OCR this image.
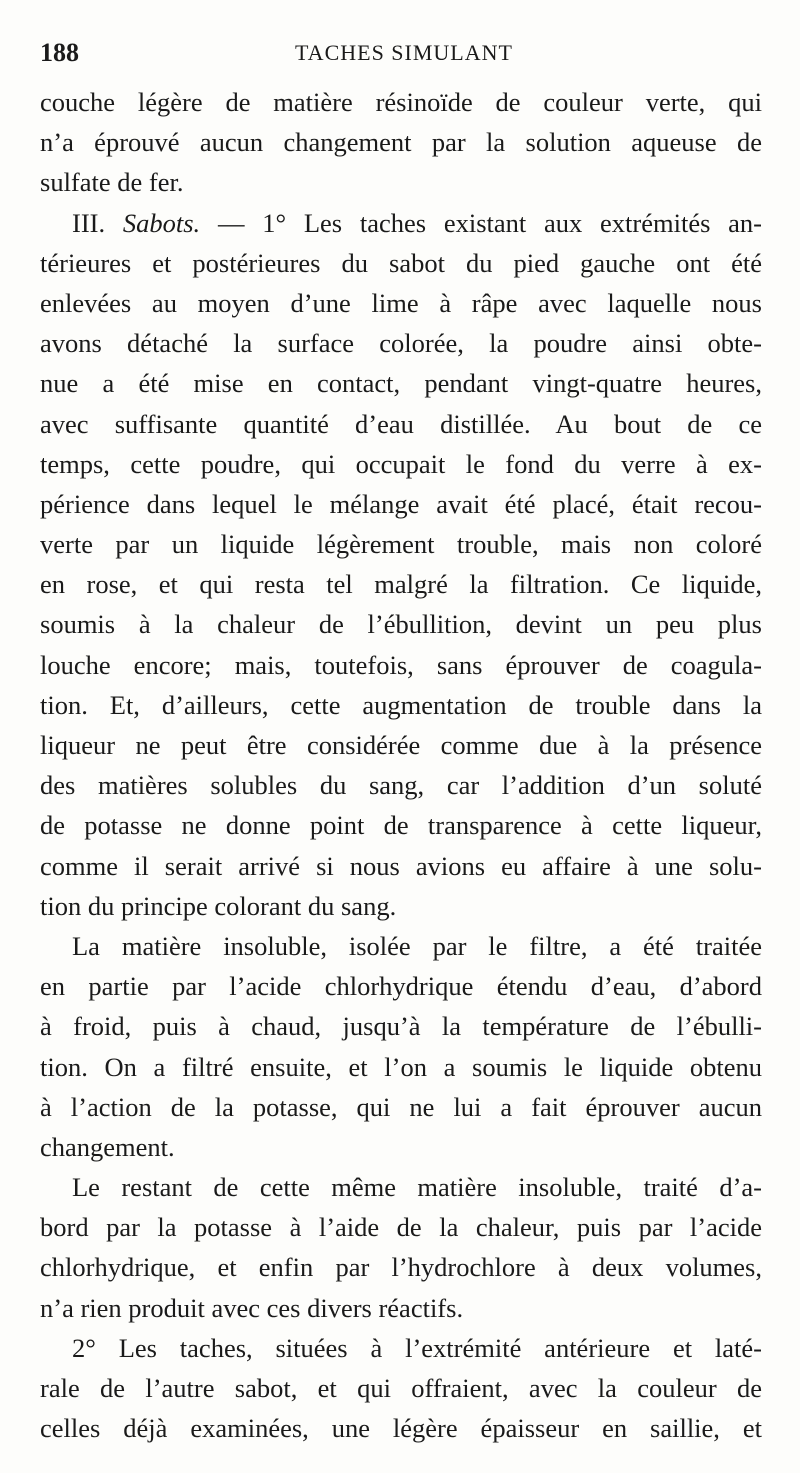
188	TACHES SIMULANT
couche légère de matière résinoïde de couleur verte, qui
n’a éprouvé aucun changement par la solution aqueuse de
sulfate de fer.
III. Sabots. — 1° Les taches existant aux extrémités an-
térieures et postérieures du sabot du pied gauche ont été
enlevées au moyen d’une lime à râpe avec laquelle nous
avons détaché la surface colorée, la poudre ainsi obte-
nue a été mise en contact, pendant vingt-quatre heures,
avec suffisante quantité d’eau distillée. Au bout de ce
temps, cette poudre, qui occupait le fond du verre à ex-
périence dans lequel le mélange avait été placé, était recou-
verte par un liquide légèrement trouble, mais non coloré
en rose, et qui resta tel malgré la filtration. Ce liquide,
soumis à la chaleur de l’ébullition, devint un peu plus
louche encore; mais, toutefois, sans éprouver de coagula-
tion. Et, d’ailleurs, cette augmentation de trouble dans la
liqueur ne peut être considérée comme due à la présence
des matières solubles du sang, car l’addition d’un soluté
de potasse ne donne point de transparence à cette liqueur,
comme il serait arrivé si nous avions eu affaire à une solu-
tion du principe colorant du sang.
La matière insoluble, isolée par le filtre, a été traitée
en partie par l’acide chlorhydrique étendu d’eau, d’abord
à froid, puis à chaud, jusqu’à la température de l’ébulli-
tion. On a filtré ensuite, et l’on a soumis le liquide obtenu
à l’action de la potasse, qui ne lui a fait éprouver aucun
changement.
Le restant de cette même matière insoluble, traité d’a-
bord par la potasse à l’aide de la chaleur, puis par l’acide
chlorhydrique, et enfin par l’hydrochlore à deux volumes,
n’a rien produit avec ces divers réactifs.
2° Les taches, situées à l’extrémité antérieure et laté-
rale de l’autre sabot, et qui offraient, avec la couleur de
celles déjà examinées, une légère épaisseur en saillie, et
